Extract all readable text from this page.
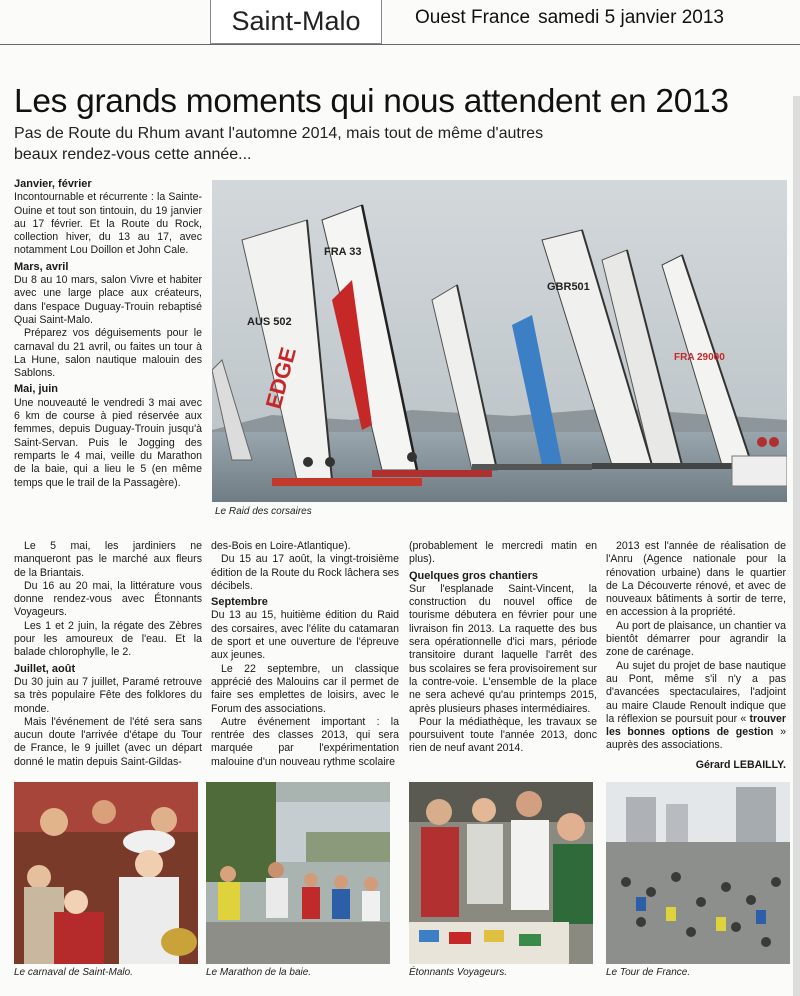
Saint-Malo	Ouest France samedi 5 janvier 2013
Les grands moments qui nous attendent en 2013

Pas de Route du Rhum avant l'automne 2014, mais tout de même d'autres beaux rendez-vous cette année...

Janvier, février

Incontournable et récurrente : la Sainte-Ouine et tout son tintouin, du 19 janvier au 17 février. Et la Route du Rock, collection hiver, du 13 au 17, avec notamment Lou Doillon et John Cale.

Mars, avril

Du 8 au 10 mars, salon Vivre et habiter avec une large place aux créateurs, dans l'espace Duguay-Trouin rebaptisé Quai Saint-Malo.

Préparez vos déguisements pour le carnaval du 21 avril, ou faites un tour à La Hune, salon nautique malouin des Sablons.

Mai, juin

Une nouveauté le vendredi 3 mai avec 6 km de course à pied réservée aux femmes, depuis Duguay-Trouin jusqu'à Saint-Servan. Puis le Jogging des remparts le 4 mai, veille du Marathon de la baie, qui a lieu le 5 (en même temps que le trail de la Passagère).

Le 5 mai, les jardiniers ne manqueront pas le marché aux fleurs de la Briantais.

Du 16 au 20 mai, la littérature vous donne rendez-vous avec Étonnants Voyageurs.

Les 1 et 2 juin, la régate des Zèbres pour les amoureux de l'eau. Et la balade chlorophylle, le 2.

Juillet, août

Du 30 juin au 7 juillet, Paramé retrouve sa très populaire Fête des folklores du monde.

Mais l'événement de l'été sera sans aucun doute l'arrivée d'étape du Tour de France, le 9 juillet (avec un départ donné le matin depuis Saint-Gildas-

des-Bois en Loire-Atlantique).

Du 15 au 17 août, la vingt-troisième édition de la Route du Rock lâchera ses décibels.

Septembre

Du 13 au 15, huitième édition du Raid des corsaires, avec l'élite du catamaran de sport et une ouverture de l'épreuve aux jeunes.

Le 22 septembre, un classique apprécié des Malouins car il permet de faire ses emplettes de loisirs, avec le Forum des associations.

Autre événement important : la rentrée des classes 2013, qui sera marquée par l'expérimentation malouine d'un nouveau rythme scolaire

(probablement le mercredi matin en plus).

Quelques gros chantiers

Sur l'esplanade Saint-Vincent, la construction du nouvel office de tourisme débutera en février pour une livraison fin 2013. La raquette des bus sera opérationnelle d'ici mars, période transitoire durant laquelle l'arrêt des bus scolaires se fera provisoirement sur la contre-voie. L'ensemble de la place ne sera achevé qu'au printemps 2015, après plusieurs phases intermédiaires.

Pour la médiathèque, les travaux se poursuivent toute l'année 2013, donc rien de neuf avant 2014.

2013 est l'année de réalisation de l'Anru (Agence nationale pour la rénovation urbaine) dans le quartier de La Découverte rénové, et avec de nouveaux bâtiments à sortir de terre, en accession à la propriété.

Au port de plaisance, un chantier va bientôt démarrer pour agrandir la zone de carénage.

Au sujet du projet de base nautique au Pont, même s'il n'y a pas d'avancées spectaculaires, l'adjoint au maire Claude Renoult indique que la réflexion se poursuit pour « trouver les bonnes options de gestion » auprès des associations.

Gérard LEBAILLY.

AUS 502
EDGE
FRA 33
GBR501
FRA 29000
Le Raid des corsaires
Le carnaval de Saint-Malo.	Le Marathon de la baie.	Étonnants Voyageurs.	Le Tour de France.
